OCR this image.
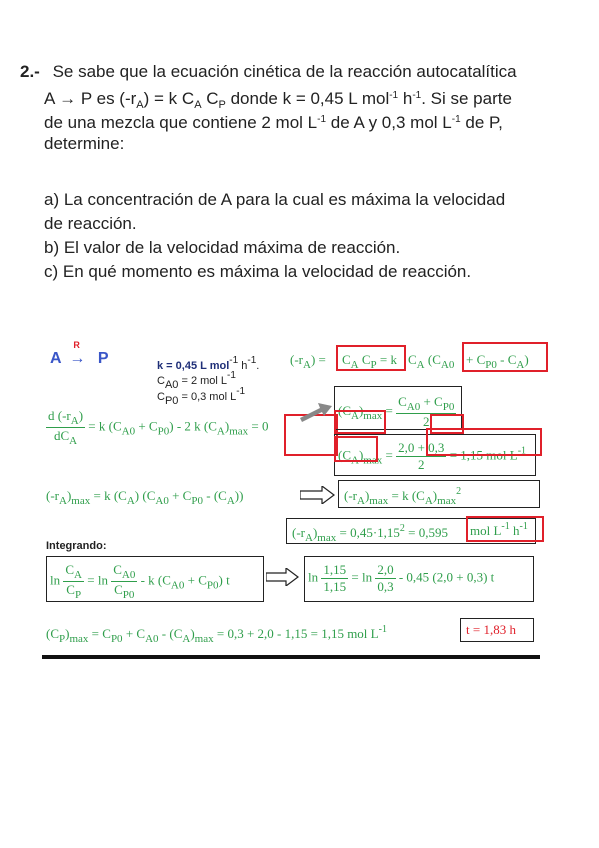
2.- Se sabe que la ecuación cinética de la reacción autocatalítica
A → P es $(-r_A) = k$ $C_A$ $C_P$ donde k = 0,45 L mol$^{-1}$ $h^{-1}$. Si se parte
de una mezcla que contiene 2 mol $L^{-1}$ de A y 0,3 mol $L^{-1}$ de P,
determine:
a) La concentración de A para la cual es máxima la velocidad
de reacción.
b) El valor de la velocidad máxima de reacción.
c) En qué momento es máxima la velocidad de reacción.
A
R
→ P	k = 0,45 L mol$^{-1}$ $h^{-1}$.
$C_{A0} = 2$ mol $L^{-1}$
$C_{P0} = 0,3$ mol $L^{-1}$
$(-r_A) = C_A$ $C_P = k$ $C_A$ $(C_{A0} + C_{P0} - C_A)$
$\frac{d (-r_A)}{dC_A} = k$ $(C_{A0} + C_{P0}) - 2$ k $(C_A)_{max} = 0$
$(C_A)_{max} = \frac{C_{A0} + C_{P0}}{2}$
$(C_A)_{max} = \frac{2,0 + 0,3}{2} = 1,15$ mol $L^{-1}$
$(-r_A)_{max} = k$ $(C_A) (C_{A0} + C_{P0} - (C_A))$	$(-r_A)_{max} = k$ $(C_A)_{max}^2$
$(-r_A)_{max} = 0,45\cdot 1,15^2 = 0,595$ mol $L^{-1}$ $h^{-1}$
Integrando:
$\ln \frac{C_A}{C_P} = \ln \frac{C_{A0}}{C_{P0}} - k$ $(C_{A0} + C_{P0})$ t	$\ln \frac{1,15}{1,15} = \ln \frac{2,0}{0,3} - 0,45$ (2,0 + 0,3) t
$(C_P)_{max} = C_{P0} + C_{A0} - (C_A)_{max} = 0,3 + 2,0 - 1,15 = 1,15$ mol $L^{-1}$	t = 1,83 h
